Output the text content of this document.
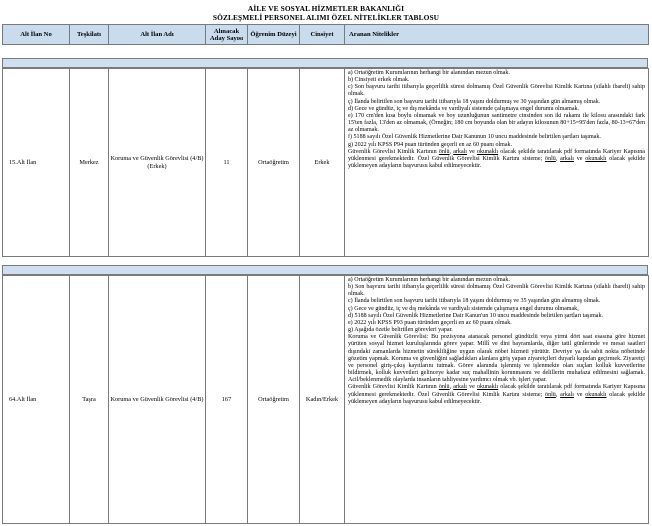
AİLE VE SOSYAL HİZMETLER BAKANLIĞI
SÖZLEŞMELİ PERSONEL ALIMI ÖZEL NİTELİKLER TABLOSU
Alt İlan No	Teşkilatı	Alt İlan Adı	Alınacak Aday Sayısı	Öğrenim Düzeyi	Cinsiyet	Aranan Nitelikler
15.Alt İlan	Merkez	Koruma ve Güvenlik Görevlisi (4/B) (Erkek)	11	Ortaöğretim	Erkek	
a) Ortaöğretim Kurumlarının herhangi bir alanından mezun olmak.
b) Cinsiyeti erkek olmak.
c) Son başvuru tarihi itibarıyla geçerlilik süresi dolmamış Özel Güvenlik Görevlisi Kimlik Kartına (silahlı ibareli) sahip olmak.
ç) İlanda belirtilen son başvuru tarihi itibarıyla 18 yaşını doldurmuş ve 30 yaşından gün almamış olmak.
d) Gece ve gündüz, iç ve dış mekânda ve vardiyalı sistemde çalışmaya engel durumu olmamak.
e) 170 cm'den kısa boylu olmamak ve boy uzunluğunun santimetre cinsinden son iki rakamı ile kilosu arasındaki fark 15'ten fazla, 13'den az olmamak, (Örneğin; 180 cm boyunda olan bir adayın kilosunun 80+15=95'den fazla, 80-13=67'den az olmamak.
f) 5188 sayılı Özel Güvenlik Hizmetlerine Dair Kanunun 10 uncu maddesinde belirtilen şartları taşımak.
g) 2022 yılı KPSS P94 puan türünden geçerli en az 60 puanı olmak.
Güvenlik Görevlisi Kimlik Kartının önlü, arkalı ve okunaklı olacak şekilde taratılarak pdf formatında Kariyer Kapısına yüklenmesi gerekmektedir. Özel Güvenlik Görevlisi Kimlik Kartını sisteme; önlü, arkalı ve okunaklı olacak şekilde yüklemeyen adayların başvurusu kabul edilmeyecektir.
64.Alt İlan	Taşra	Koruma ve Güvenlik Görevlisi (4/B)	167	Ortaöğretim	Kadın/Erkek	
a) Ortaöğretim Kurumlarının herhangi bir alanından mezun olmak.
b) Son başvuru tarihi itibarıyla geçerlilik süresi dolmamış Özel Güvenlik Görevlisi Kimlik Kartına (silahlı ibareli) sahip olmak.
c) İlanda belirtilen son başvuru tarihi itibarıyla 18 yaşını doldurmuş ve 35 yaşından gün almamış olmak.
ç) Gece ve gündüz, iç ve dış mekânda ve vardiyalı sistemde çalışmaya engel durumu olmamak,
d) 5188 sayılı Özel Güvenlik Hizmetlerine Dair Kanun'un 10 uncu maddesinde belirtilen şartları taşımak.
e) 2022 yılı KPSS P93 puan türünden geçerli en az 60 puanı olmak.
g) Aşağıda özetle belirtilen görevleri yapar.
Koruma ve Güvenlik Görevlisi: Bu pozisyona atanacak personel gündüzlü veya yirmi dört saat esasına göre hizmet yürüten sosyal hizmet kuruluşlarında görev yapar. Millî ve dini bayramlarda, diğer tatil günlerinde ve mesai saatleri dışındaki zamanlarda hizmetin sürekliliğine uygun olarak nöbet hizmeti yürütür. Devriye ya da sabit nokta nöbetinde gözetim yapmak. Koruma ve güvenliğini sağladıkları alanlara giriş yapan ziyaretçileri duyarlı kapıdan geçirmek. Ziyaretçi ve personel giriş-çıkış kayıtlarını tutmak. Görev alanında işlenmiş ve işlenmekte olan suçları kolluk kuvvetlerine bildirmek, kolluk kuvvetleri gelinceye kadar suç mahallinin korunmasını ve delillerin muhafaza edilmesini sağlamak. Acil/beklenmedik olaylarda insanların tahliyesine yardımcı olmak vb. işleri yapar.
Güvenlik Görevlisi Kimlik Kartının önlü, arkalı ve okunaklı olacak şekilde taratılarak pdf formatında Kariyer Kapısına yüklenmesi gerekmektedir. Özel Güvenlik Görevlisi Kimlik Kartını sisteme; önlü, arkalı ve okunaklı olacak şekilde yüklemeyen adayların başvurusu kabul edilmeyecektir.
